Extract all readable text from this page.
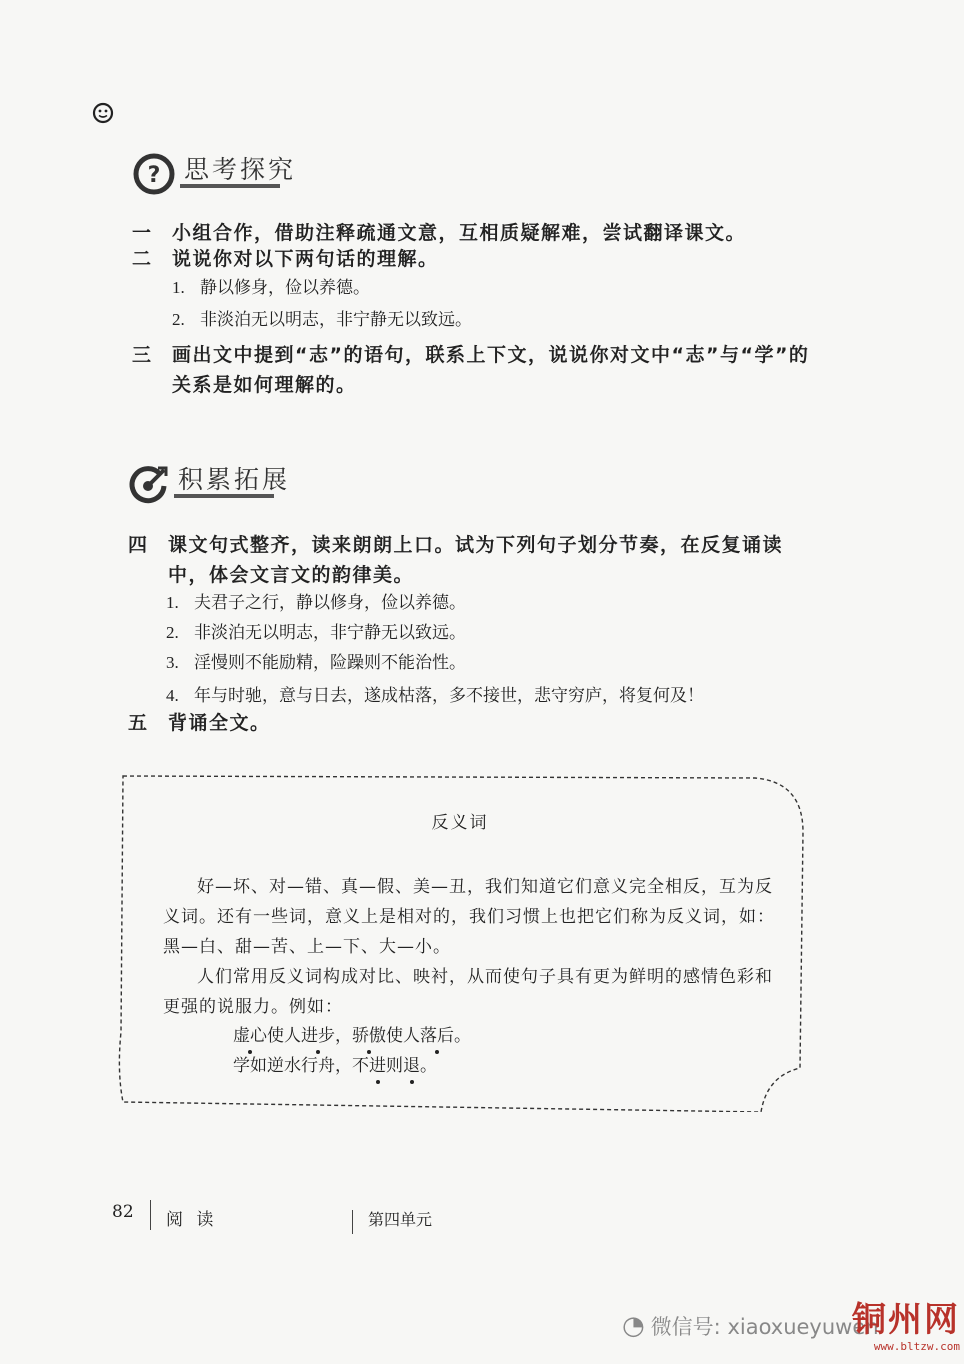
? 思考探究
一 小组合作，借助注释疏通文意，互相质疑解难，尝试翻译课文。
二 说说你对以下两句话的理解。
1. 静以修身，俭以养德。
2. 非淡泊无以明志，非宁静无以致远。
三 画出文中提到“志”的语句，联系上下文，说说你对文中“志”与“学”的关系是如何理解的。
积累拓展
四 课文句式整齐，读来朗朗上口。试为下列句子划分节奏，在反复诵读中，体会文言文的韵律美。
1. 夫君子之行，静以修身，俭以养德。
2. 非淡泊无以明志，非宁静无以致远。
3. 淫慢则不能励精，险躁则不能治性。
4. 年与时驰，意与日去，遂成枯落，多不接世，悲守穷庐，将复何及！
五 背诵全文。
反义词
好—坏、对—错、真—假、美—丑，我们知道它们意义完全相反，互为反义词。还有一些词，意义上是相对的，我们习惯上也把它们称为反义词，如：黑—白、甜—苦、上—下、大—小。
人们常用反义词构成对比、映衬，从而使句子具有更为鲜明的感情色彩和更强的说服力。例如：
虚心使人进步，骄傲使人落后。
学如逆水行舟，不进则退。
82 阅 读	第四单元
◔ 微信号: xiaoxueyuwen
铜州网
www.bltzw.com
